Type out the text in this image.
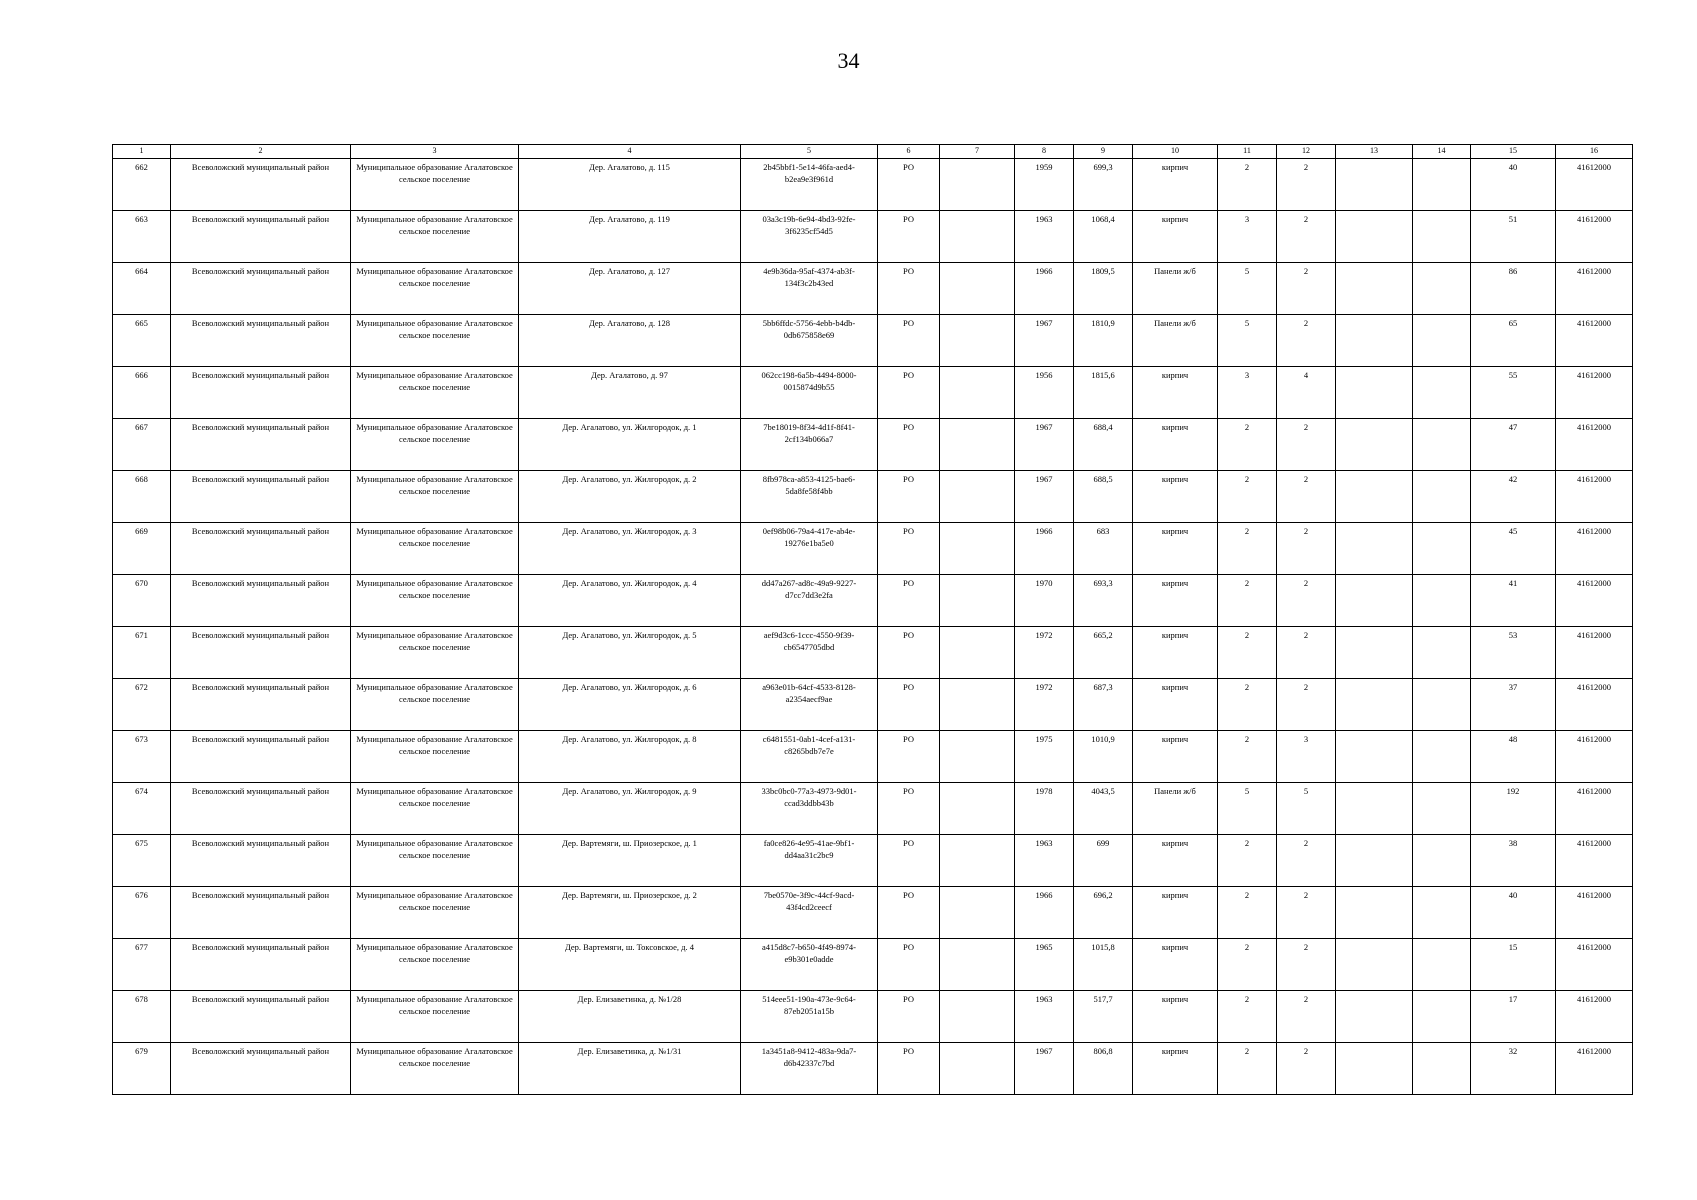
34
1	2	3	4	5	6	7	8	9	10	11	12	13	14	15	16
662	Всеволожский муниципальный район	Муниципальное образование Агалатовское сельское поселение	Дер. Агалатово, д. 115	2b45bbf1-5e14-46fa-aed4-b2ea9e3f961d	РО		1959	699,3	кирпич	2	2			40	41612000
663	Всеволожский муниципальный район	Муниципальное образование Агалатовское сельское поселение	Дер. Агалатово, д. 119	03a3c19b-6e94-4bd3-92fe-3f6235cf54d5	РО		1963	1068,4	кирпич	3	2			51	41612000
664	Всеволожский муниципальный район	Муниципальное образование Агалатовское сельское поселение	Дер. Агалатово, д. 127	4e9b36da-95af-4374-ab3f-134f3c2b43ed	РО		1966	1809,5	Панели ж/б	5	2			86	41612000
665	Всеволожский муниципальный район	Муниципальное образование Агалатовское сельское поселение	Дер. Агалатово, д. 128	5bb6ffdc-5756-4ebb-b4db-0db675858e69	РО		1967	1810,9	Панели ж/б	5	2			65	41612000
666	Всеволожский муниципальный район	Муниципальное образование Агалатовское сельское поселение	Дер. Агалатово, д. 97	062cc198-6a5b-4494-8000-0015874d9b55	РО		1956	1815,6	кирпич	3	4			55	41612000
667	Всеволожский муниципальный район	Муниципальное образование Агалатовское сельское поселение	Дер. Агалатово, ул. Жилгородок, д. 1	7be18019-8f34-4d1f-8f41-2cf134b066a7	РО		1967	688,4	кирпич	2	2			47	41612000
668	Всеволожский муниципальный район	Муниципальное образование Агалатовское сельское поселение	Дер. Агалатово, ул. Жилгородок, д. 2	8fb978ca-a853-4125-bae6-5da8fe58f4bb	РО		1967	688,5	кирпич	2	2			42	41612000
669	Всеволожский муниципальный район	Муниципальное образование Агалатовское сельское поселение	Дер. Агалатово, ул. Жилгородок, д. 3	0ef98b06-79a4-417e-ab4e-19276e1ba5e0	РО		1966	683	кирпич	2	2			45	41612000
670	Всеволожский муниципальный район	Муниципальное образование Агалатовское сельское поселение	Дер. Агалатово, ул. Жилгородок, д. 4	dd47a267-ad8c-49a9-9227-d7cc7dd3e2fa	РО		1970	693,3	кирпич	2	2			41	41612000
671	Всеволожский муниципальный район	Муниципальное образование Агалатовское сельское поселение	Дер. Агалатово, ул. Жилгородок, д. 5	aef9d3c6-1ccc-4550-9f39-cb6547705dbd	РО		1972	665,2	кирпич	2	2			53	41612000
672	Всеволожский муниципальный район	Муниципальное образование Агалатовское сельское поселение	Дер. Агалатово, ул. Жилгородок, д. 6	a963e01b-64cf-4533-8128-a2354aecf9ae	РО		1972	687,3	кирпич	2	2			37	41612000
673	Всеволожский муниципальный район	Муниципальное образование Агалатовское сельское поселение	Дер. Агалатово, ул. Жилгородок, д. 8	c6481551-0ab1-4cef-a131-c8265bdb7e7e	РО		1975	1010,9	кирпич	2	3			48	41612000
674	Всеволожский муниципальный район	Муниципальное образование Агалатовское сельское поселение	Дер. Агалатово, ул. Жилгородок, д. 9	33bc0bc0-77a3-4973-9d01-ccad3ddbb43b	РО		1978	4043,5	Панели ж/б	5	5			192	41612000
675	Всеволожский муниципальный район	Муниципальное образование Агалатовское сельское поселение	Дер. Вартемяги, ш. Приозерское, д. 1	fa0ce826-4e95-41ae-9bf1-dd4aa31c2bc9	РО		1963	699	кирпич	2	2			38	41612000
676	Всеволожский муниципальный район	Муниципальное образование Агалатовское сельское поселение	Дер. Вартемяги, ш. Приозерское, д. 2	7be0570e-3f9c-44cf-9acd-43f4cd2ceecf	РО		1966	696,2	кирпич	2	2			40	41612000
677	Всеволожский муниципальный район	Муниципальное образование Агалатовское сельское поселение	Дер. Вартемяги, ш. Токсовское, д. 4	a415d8c7-b650-4f49-8974-e9b301e0adde	РО		1965	1015,8	кирпич	2	2			15	41612000
678	Всеволожский муниципальный район	Муниципальное образование Агалатовское сельское поселение	Дер. Елизаветинка, д. №1/28	514eee51-190a-473e-9c64-87eb2051a15b	РО		1963	517,7	кирпич	2	2			17	41612000
679	Всеволожский муниципальный район	Муниципальное образование Агалатовское сельское поселение	Дер. Елизаветинка, д. №1/31	1a3451a8-9412-483a-9da7-d6b42337c7bd	РО		1967	806,8	кирпич	2	2			32	41612000
